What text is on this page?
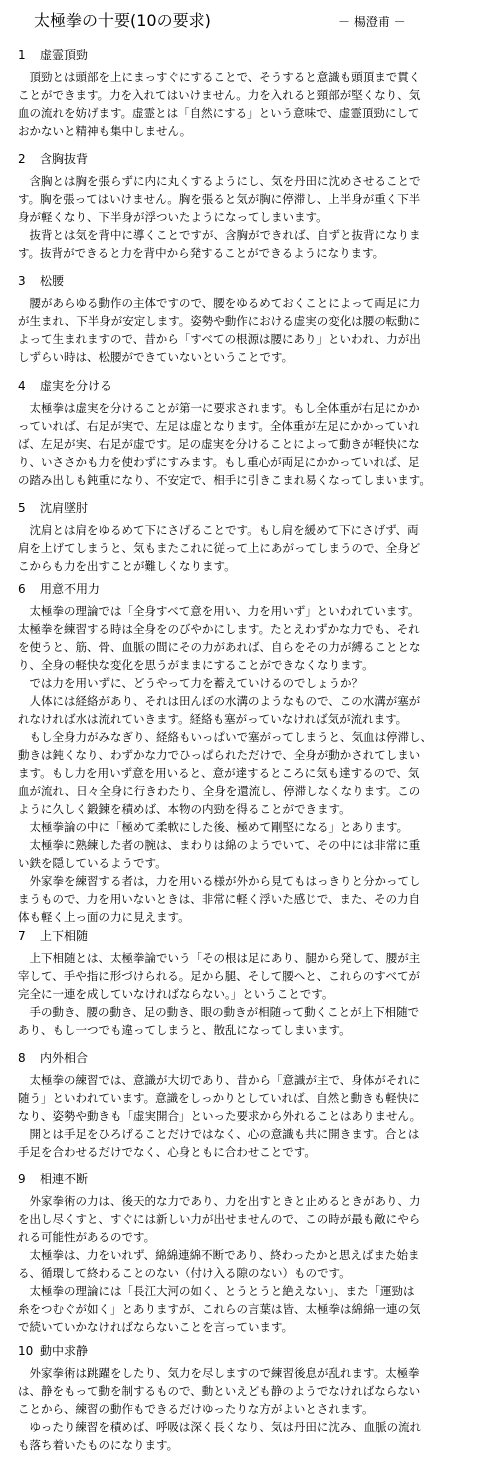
太極拳の十要(10の要求)	－ 楊澄甫 －
1 虚霊頂勁
　頂勁とは頭部を上にまっすぐにすることで、そうすると意識も頭頂まで貫く
ことができます。力を入れてはいけません。力を入れると頸部が堅くなり、気
血の流れを妨げます。虚霊とは「自然にする」という意味で、虚霊頂勁にして
おかないと精神も集中しません。
2 含胸抜背
　含胸とは胸を張らずに内に丸くするようにし、気を丹田に沈めさせることで
す。胸を張ってはいけません。胸を張ると気が胸に停滞し、上半身が重く下半
身が軽くなり、下半身が浮ついたようになってしまいます。
　抜背とは気を背中に導くことですが、含胸ができれば、自ずと抜背になりま
す。抜背ができると力を背中から発することができるようになります。
3 松腰
　腰があらゆる動作の主体ですので、腰をゆるめておくことによって両足に力
が生まれ、下半身が安定します。姿勢や動作における虚実の変化は腰の転動に
よって生まれますので、昔から「すべての根源は腰にあり」といわれ、力が出
しずらい時は、松腰ができていないということです。
4 虚実を分ける
　太極拳は虚実を分けることが第一に要求されます。もし全体重が右足にかか
っていれば、右足が実で、左足は虚となります。全体重が左足にかかっていれ
ば、左足が実、右足が虚です。足の虚実を分けることによって動きが軽快にな
り、いささかも力を使わずにすみます。もし重心が両足にかかっていれば、足
の踏み出しも鈍重になり、不安定で、相手に引きこまれ易くなってしまいます。
5 沈肩墜肘
　沈肩とは肩をゆるめて下にさげることです。もし肩を緩めて下にさげず、両
肩を上げてしまうと、気もまたこれに従って上にあがってしまうので、全身ど
こからも力を出すことが難しくなります。
6 用意不用力
　太極拳の理論では「全身すべて意を用い、力を用いず」といわれています。
太極拳を練習する時は全身をのびやかにします。たとえわずかな力でも、それ
を使うと、筋、骨、血脈の間にその力があれば、自らをその力が縛ることとな
り、全身の軽快な変化を思うがままにすることができなくなります。
　では力を用いずに、どうやって力を蓄えていけるのでしょうか？
　人体には経絡があり、それは田んぼの水溝のようなもので、この水溝が塞が
れなければ水は流れていきます。経絡も塞がっていなければ気が流れます。
　もし全身力がみなぎり、経絡もいっぱいで塞がってしまうと、気血は停滞し、
動きは鈍くなり、わずかな力でひっぱられただけで、全身が動かされてしまい
ます。もし力を用いず意を用いると、意が達するところに気も達するので、気
血が流れ、日々全身に行きわたり、全身を還流し、停滞しなくなります。この
ように久しく鍛錬を積めば、本物の内勁を得ることができます。
　太極拳論の中に「極めて柔軟にした後、極めて剛堅になる」とあります。
　太極拳に熟練した者の腕は、まわりは綿のようでいて、その中には非常に重
い鉄を隠しているようです。
　外家拳を練習する者は，力を用いる様が外から見てもはっきりと分かってし
まうもので、力を用いないときは、非常に軽く浮いた感じで、また、その力自
体も軽く上っ面の力に見えます。
7 上下相随
　上下相随とは、太極拳論でいう「その根は足にあり、腿から発して、腰が主
宰して、手や指に形づけられる。足から腿、そして腰へと、これらのすべてが
完全に一連を成していなければならない。」ということです。
　手の動き、腰の動き、足の動き、眼の動きが相随って動くことが上下相随で
あり、もし一つでも違ってしまうと、散乱になってしまいます。
8 内外相合
　太極拳の練習では、意識が大切であり、昔から「意識が主で、身体がそれに
随う」といわれています。意識をしっかりとしていれば、自然と動きも軽快に
なり、姿勢や動きも「虚実開合」といった要求から外れることはありません。
　開とは手足をひろげることだけではなく、心の意識も共に開きます。合とは
手足を合わせるだけでなく、心身ともに合わせことです。
9 相連不断
　外家拳術の力は、後天的な力であり、力を出すときと止めるときがあり、力
を出し尽くすと、すぐには新しい力が出せませんので、この時が最も敵にやら
れる可能性があるのです。
　太極拳は、力をいれず、綿綿連綿不断であり、終わったかと思えばまた始ま
る、循環して終わることのない（付け入る隙のない）ものです。
　太極拳の理論には「長江大河の如く、とうとうと絶えない」、また「運勁は
糸をつむぐが如く」とありますが、これらの言葉は皆、太極拳は綿綿一連の気
で続いていかなければならないことを言っています。
10 動中求静
　外家拳術は跳躍をしたり、気力を尽しますので練習後息が乱れます。太極拳
は、静をもって動を制するもので、動といえども静のようでなければならない
ことから、練習の動作もできるだけゆったりな方がよいとされます。
　ゆったり練習を積めば、呼吸は深く長くなり、気は丹田に沈み、血脈の流れ
も落ち着いたものになります。
